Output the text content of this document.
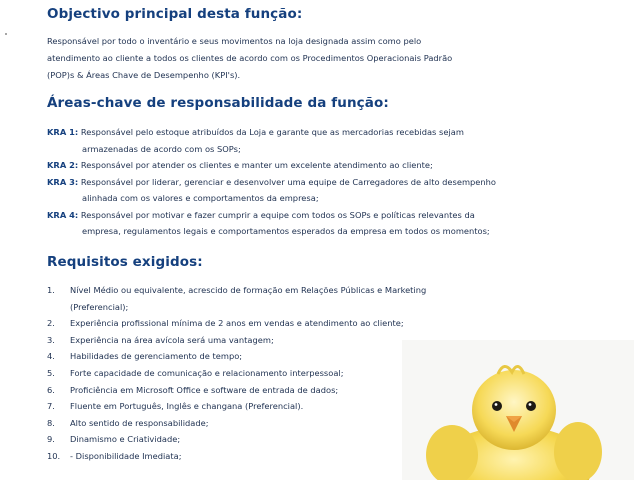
Objectivo principal desta função:
Responsável por todo o inventário e seus movimentos na loja designada assim como pelo
atendimento ao cliente a todos os clientes de acordo com os Procedimentos Operacionais Padrão
(POP)s & Áreas Chave de Desempenho (KPI's).
Áreas-chave de responsabilidade da função:
KRA 1: Responsável pelo estoque atribuídos da Loja e garante que as mercadorias recebidas sejam
armazenadas de acordo com os SOPs;
KRA 2: Responsável por atender os clientes e manter um excelente atendimento ao cliente;
KRA 3: Responsável por liderar, gerenciar e desenvolver uma equipe de Carregadores de alto desempenho
alinhada com os valores e comportamentos da empresa;
KRA 4: Responsável por motivar e fazer cumprir a equipe com todos os SOPs e políticas relevantes da
empresa, regulamentos legais e comportamentos esperados da empresa em todos os momentos;
Requisitos exigidos:
1. Nível Médio ou equivalente, acrescido de formação em Relações Públicas e Marketing
(Preferencial);
2. Experiência profissional mínima de 2 anos em vendas e atendimento ao cliente;
3. Experiência na área avícola será uma vantagem;
4. Habilidades de gerenciamento de tempo;
5. Forte capacidade de comunicação e relacionamento interpessoal;
6. Proficiência em Microsoft Office e software de entrada de dados;
7. Fluente em Português, Inglês e changana (Preferencial).
8. Alto sentido de responsabilidade;
9. Dinamismo e Criatividade;
10. - Disponibilidade Imediata;
